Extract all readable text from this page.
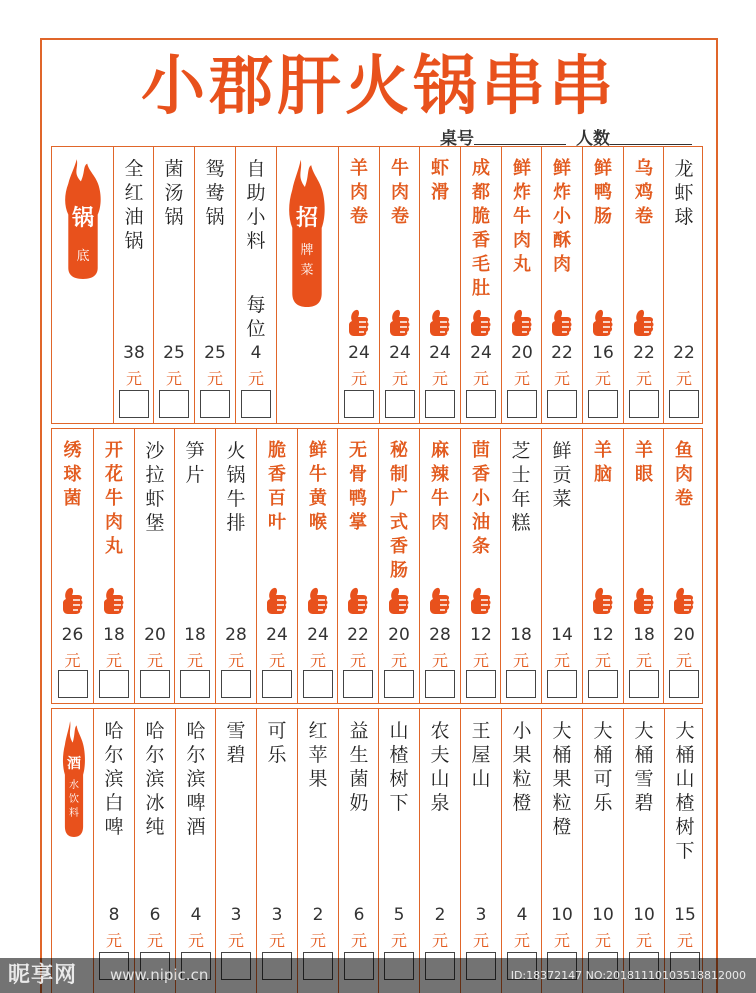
小郡肝火锅串串
桌号	人数
锅
底
全红油锅
38
元
菌汤锅
25
元
鸳鸯锅
25
元
自助小料
每位
4
元
招
牌菜
羊肉卷
24
元
牛肉卷
24
元
虾滑
24
元
成都脆香毛肚
24
元
鲜炸牛肉丸
20
元
鲜炸小酥肉
22
元
鲜鸭肠
16
元
乌鸡卷
22
元
龙虾球
22
元
绣球菌
26
元
开花牛肉丸
18
元
沙拉虾堡
20
元
笋片
18
元
火锅牛排
28
元
脆香百叶
24
元
鲜牛黄喉
24
元
无骨鸭掌
22
元
秘制广式香肠
20
元
麻辣牛肉
28
元
茴香小油条
12
元
芝士年糕
18
元
鲜贡菜
14
元
羊脑
12
元
羊眼
18
元
鱼肉卷
20
元
酒
水饮料
哈尔滨白啤
8
元
哈尔滨冰纯
6
元
哈尔滨啤酒
4
元
雪碧
3
元
可乐
3
元
红苹果
2
元
益生菌奶
6
元
山楂树下
5
元
农夫山泉
2
元
王屋山
3
元
小果粒橙
4
元
大桶果粒橙
10
元
大桶可乐
10
元
大桶雪碧
10
元
大桶山楂树下
15
元
昵享网 www.nipic.cn	ID:18372147 NO:20181110103518812000
